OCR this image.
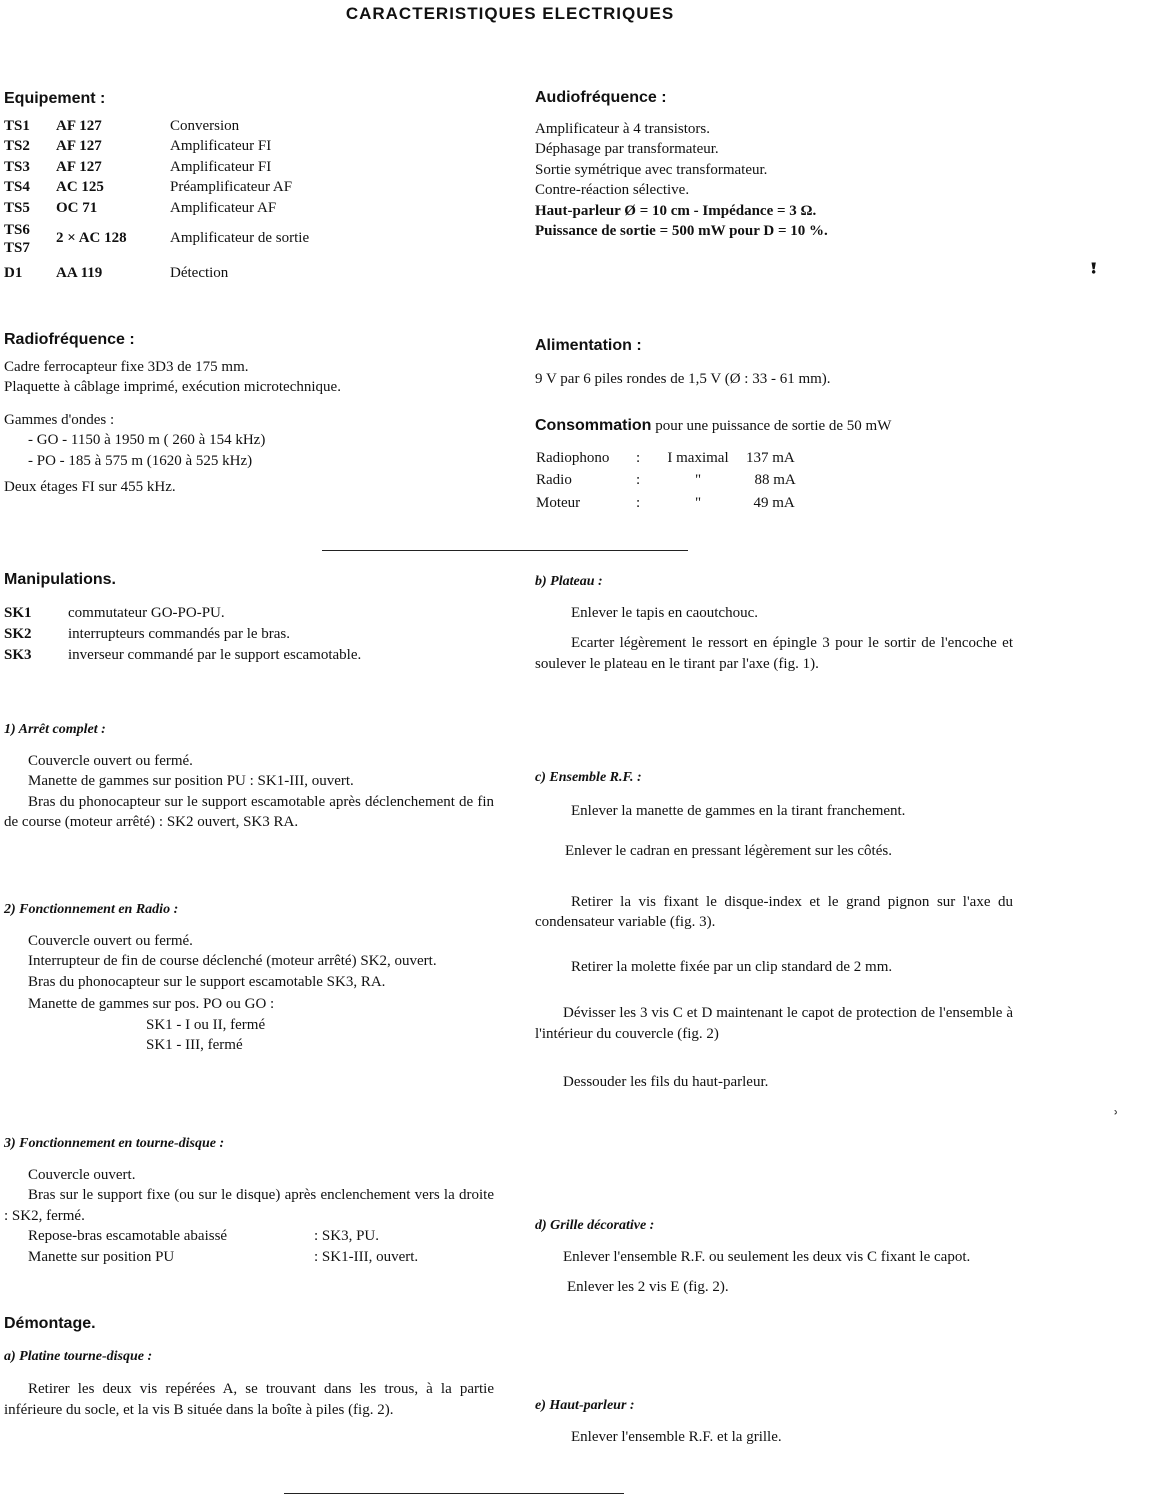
CARACTERISTIQUES ELECTRIQUES
Equipement :
TS1	AF 127	Conversion
TS2	AF 127	Amplificateur FI
TS3	AF 127	Amplificateur FI
TS4	AC 125	Préamplificateur AF
TS5	OC 71	Amplificateur AF

TS6
TS7	2 × AC 128	Amplificateur de sortie
D1	AA 119	Détection
Radiofréquence :
Cadre ferrocapteur fixe 3D3 de 175 mm.
Plaquette à câblage imprimé, exécution microtechnique.
Gammes d'ondes :
- GO - 1150 à 1950 m ( 260 à 154 kHz)
- PO - 185 à 575 m (1620 à 525 kHz)
Deux étages FI sur 455 kHz.
Manipulations.
SK1	commutateur GO-PO-PU.
SK2	interrupteurs commandés par le bras.
SK3	inverseur commandé par le support escamotable.
1) Arrêt complet :
Couvercle ouvert ou fermé.
Manette de gammes sur position PU : SK1-III, ouvert.
Bras du phonocapteur sur le support escamotable après déclenchement de fin de course (moteur arrêté) : SK2 ouvert, SK3 RA.
2) Fonctionnement en Radio :
Couvercle ouvert ou fermé.
Interrupteur de fin de course déclenché (moteur arrêté) SK2, ouvert.
Bras du phonocapteur sur le support escamotable SK3, RA.
Manette de gammes sur pos. PO ou GO :
SK1 - I ou II, fermé
SK1 - III, fermé
3) Fonctionnement en tourne-disque :
Couvercle ouvert.
Bras sur le support fixe (ou sur le disque) après enclenchement vers la droite : SK2, fermé.
Repose-bras escamotable abaissé	: SK3, PU.
Manette sur position PU	: SK1-III, ouvert.
Démontage.
a) Platine tourne-disque :
Retirer les deux vis repérées A, se trouvant dans les trous, à la partie inférieure du socle, et la vis B située dans la boîte à piles (fig. 2).
Audiofréquence :
Amplificateur à 4 transistors.
Déphasage par transformateur.
Sortie symétrique avec transformateur.
Contre-réaction sélective.
Haut-parleur Ø = 10 cm - Impédance = 3 Ω.
Puissance de sortie = 500 mW pour D = 10 %.
Alimentation :
9 V par 6 piles rondes de 1,5 V (Ø : 33 - 61 mm).
Consommation pour une puissance de sortie de 50 mW
Radiophono	:	I maximal	137 mA
Radio	:	"	88 mA
Moteur	:	"	49 mA
b) Plateau :
Enlever le tapis en caoutchouc.
Ecarter légèrement le ressort en épingle 3 pour le sortir de l'encoche et soulever le plateau en le tirant par l'axe (fig. 1).
c) Ensemble R.F. :
Enlever la manette de gammes en la tirant franchement.
Enlever le cadran en pressant légèrement sur les côtés.
Retirer la vis fixant le disque-index et le grand pignon sur l'axe du condensateur variable (fig. 3).
Retirer la molette fixée par un clip standard de 2 mm.
Dévisser les 3 vis C et D maintenant le capot de protection de l'ensemble à l'intérieur du couvercle (fig. 2)
Dessouder les fils du haut-parleur.
d) Grille décorative :
Enlever l'ensemble R.F. ou seulement les deux vis C fixant le capot.
Enlever les 2 vis E (fig. 2).
e) Haut-parleur :
Enlever l'ensemble R.F. et la grille.
ꜝ
ʾ
